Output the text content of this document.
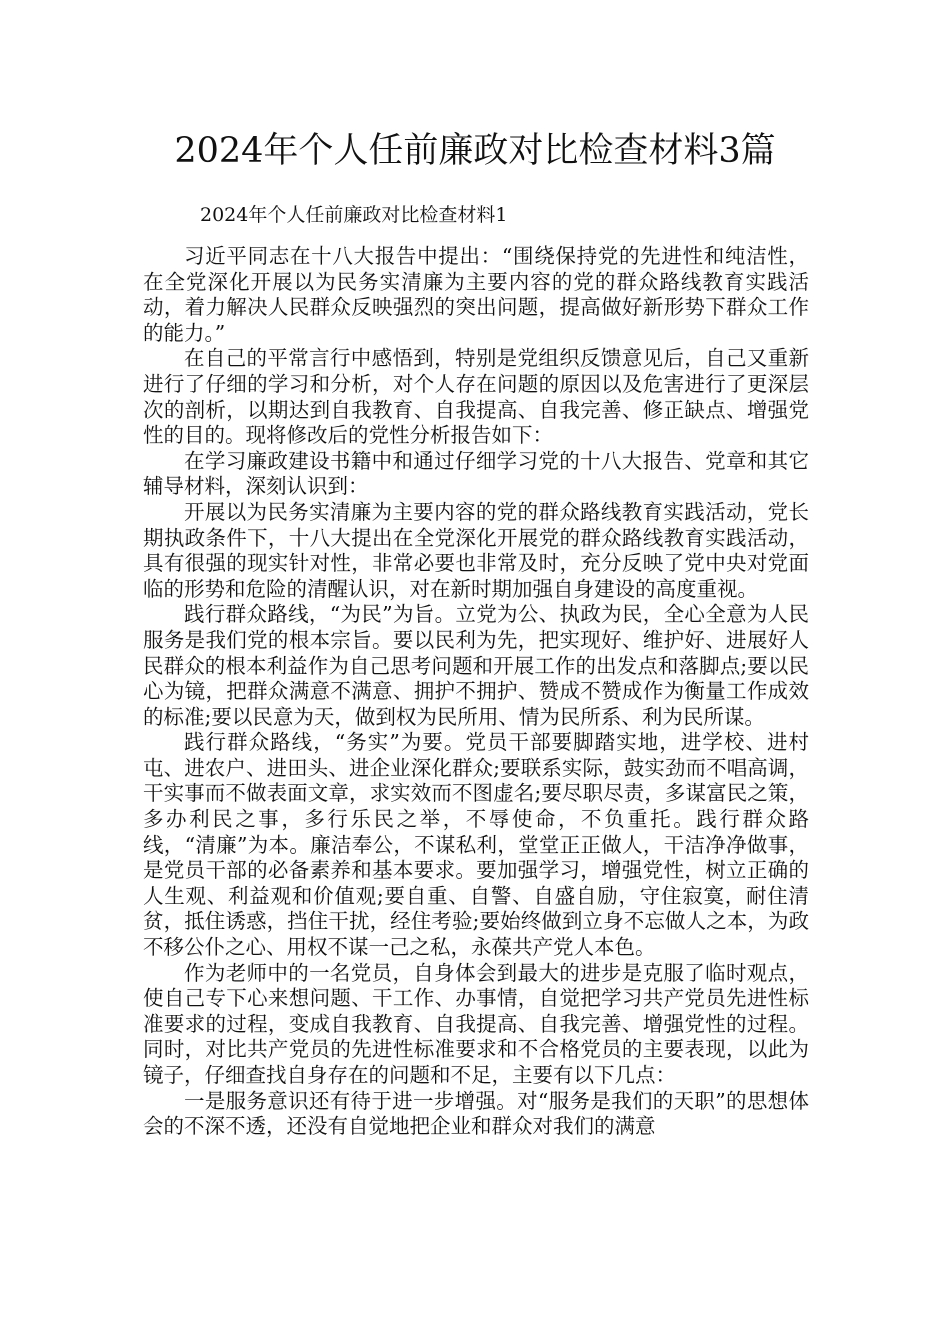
2024年个人任前廉政对比检查材料3篇

2024年个人任前廉政对比检查材料1

习近平同志在十八大报告中提出：“围绕保持党的先进性和纯洁性，在全党深化开展以为民务实清廉为主要内容的党的群众路线教育实践活动，着力解决人民群众反映强烈的突出问题，提高做好新形势下群众工作的能力。”

在自己的平常言行中感悟到，特别是党组织反馈意见后，自己又重新进行了仔细的学习和分析，对个人存在问题的原因以及危害进行了更深层次的剖析，以期达到自我教育、自我提高、自我完善、修正缺点、增强党性的目的。现将修改后的党性分析报告如下：

在学习廉政建设书籍中和通过仔细学习党的十八大报告、党章和其它辅导材料，深刻认识到：

开展以为民务实清廉为主要内容的党的群众路线教育实践活动，党长期执政条件下，十八大提出在全党深化开展党的群众路线教育实践活动，具有很强的现实针对性，非常必要也非常及时，充分反映了党中央对党面临的形势和危险的清醒认识，对在新时期加强自身建设的高度重视。

践行群众路线，“为民”为旨。立党为公、执政为民，全心全意为人民服务是我们党的根本宗旨。要以民利为先，把实现好、维护好、进展好人民群众的根本利益作为自己思考问题和开展工作的出发点和落脚点;要以民心为镜，把群众满意不满意、拥护不拥护、赞成不赞成作为衡量工作成效的标准;要以民意为天，做到权为民所用、情为民所系、利为民所谋。

践行群众路线，“务实”为要。党员干部要脚踏实地，进学校、进村屯、进农户、进田头、进企业深化群众;要联系实际，鼓实劲而不唱高调，干实事而不做表面文章，求实效而不图虚名;要尽职尽责，多谋富民之策，多办利民之事，多行乐民之举，不辱使命，不负重托。践行群众路线，“清廉”为本。廉洁奉公，不谋私利，堂堂正正做人，干洁净净做事，是党员干部的必备素养和基本要求。要加强学习，增强党性，树立正确的人生观、利益观和价值观;要自重、自警、自盛自励，守住寂寞，耐住清贫，抵住诱惑，挡住干扰，经住考验;要始终做到立身不忘做人之本，为政不移公仆之心、用权不谋一己之私，永葆共产党人本色。

作为老师中的一名党员，自身体会到最大的进步是克服了临时观点，使自己专下心来想问题、干工作、办事情，自觉把学习共产党员先进性标准要求的过程，变成自我教育、自我提高、自我完善、增强党性的过程。同时，对比共产党员的先进性标准要求和不合格党员的主要表现，以此为镜子，仔细查找自身存在的问题和不足，主要有以下几点：

一是服务意识还有待于进一步增强。对“服务是我们的天职”的思想体会的不深不透，还没有自觉地把企业和群众对我们的满意
